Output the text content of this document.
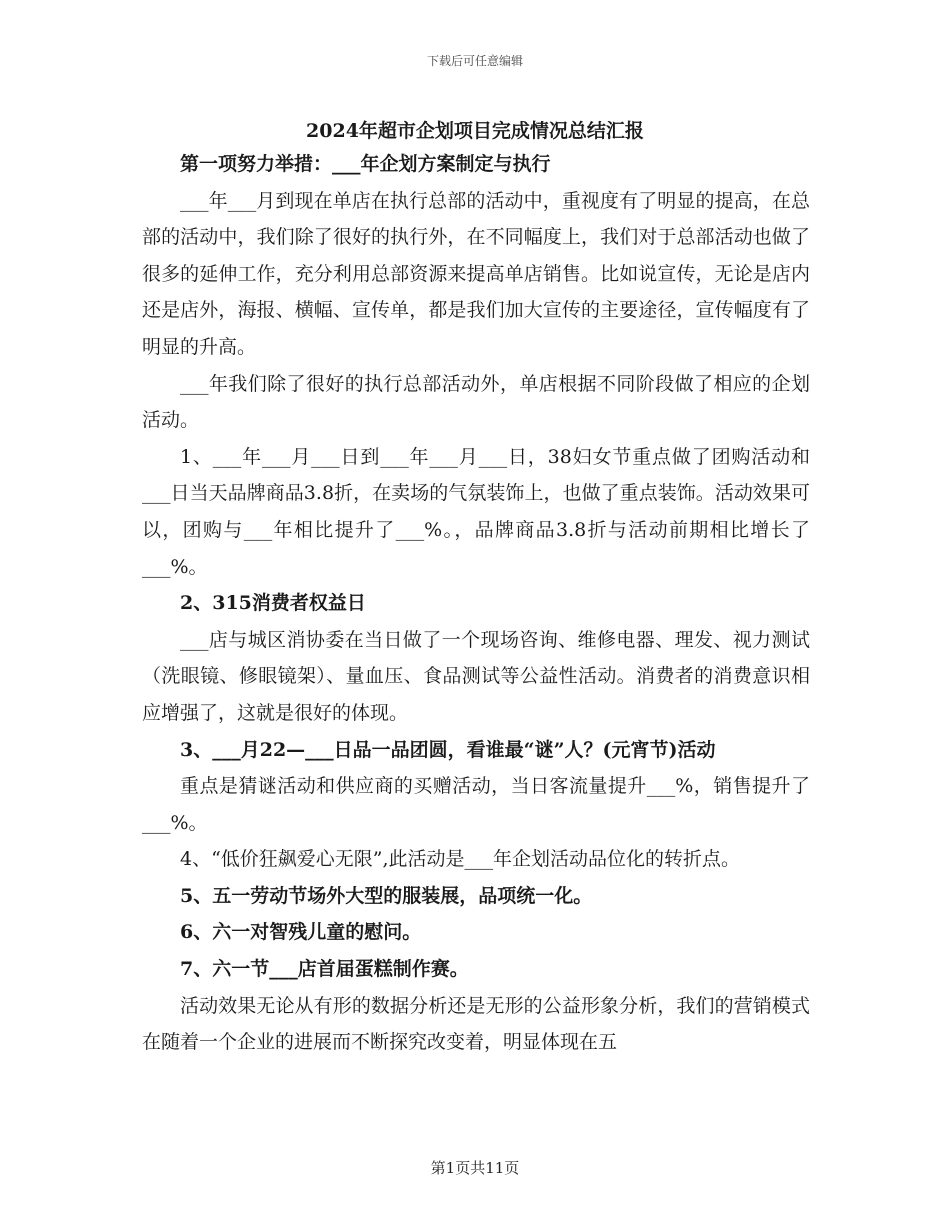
下载后可任意编辑
2024年超市企划项目完成情况总结汇报

第一项努力举措：___年企划方案制定与执行

___年___月到现在单店在执行总部的活动中，重视度有了明显的提高，在总部的活动中，我们除了很好的执行外，在不同幅度上，我们对于总部活动也做了很多的延伸工作，充分利用总部资源来提高单店销售。比如说宣传，无论是店内还是店外，海报、横幅、宣传单，都是我们加大宣传的主要途径，宣传幅度有了明显的升高。

___年我们除了很好的执行总部活动外，单店根据不同阶段做了相应的企划活动。

1、___年___月___日到___年___月___日，38妇女节重点做了团购活动和___日当天品牌商品3.8折，在卖场的气氛装饰上，也做了重点装饰。活动效果可以，团购与___年相比提升了___%。，品牌商品3.8折与活动前期相比增长了___%。

2、315消费者权益日

___店与城区消协委在当日做了一个现场咨询、维修电器、理发、视力测试（洗眼镜、修眼镜架）、量血压、食品测试等公益性活动。消费者的消费意识相应增强了，这就是很好的体现。

3、___月22—___日品一品团圆，看谁最“谜”人？(元宵节)活动

重点是猜谜活动和供应商的买赠活动，当日客流量提升___%，销售提升了___%。

4、“低价狂飙爱心无限”,此活动是___年企划活动品位化的转折点。

5、五一劳动节场外大型的服装展，品项统一化。

6、六一对智残儿童的慰问。

7、六一节___店首届蛋糕制作赛。

活动效果无论从有形的数据分析还是无形的公益形象分析，我们的营销模式在随着一个企业的进展而不断探究改变着，明显体现在五

第1页共11页
